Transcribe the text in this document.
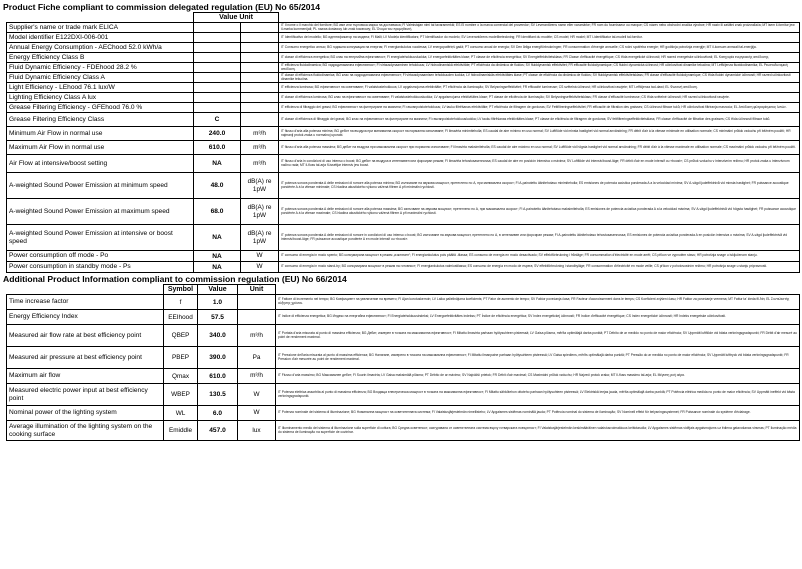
Product Fiche compliant to commission delegated regulation (EU) No 65/2014
	Value Unit		
Supplier's name or trade mark ELICA			IT Il nome o il marchio del fornitore; BG име или търговска марка на доставчика; FI Valmistajan nimi tai tavaramerkki; ES El nombre o la marca comercial del proveedor; SV Leverantörens namn eller varumärke; FR nom du fournisseur ou marque; CS název nebo obchodní značka výrobce; HR naziv ili zaštitni znak proizvođača; MT isem il-fornitur jew il-marka kummerċjali; PL nazwa dostawcy lub znak towarowy; EL Όνομα του προμηθευτή.
Model identifier E122DXI-006-001			IT Identificativo del modello; BG идентификатор на модела; FI Malli; LV Modeļa identifikators; PT Identificador do modelo; SV Leverantörens modellbeteckning; FR Identifiant du modèle; CS model; HR model; MT l-identifikatur tal-mudell tal-fornitur.
Annual Energy Consumption - AEChood 52.0 kWh/a			IT Consumo energetico annuo; BG годишна консумация на енергия; FI energiankulutus vuodessa; LV energopatēriņš gadā; PT consumo anual de energia; SV Den årliga energiförbrukningen; FR consommation d'énergie annuelle; CS roční spotřeba energie; HR godišnja potrošnja energije; MT il-konsum annwali tal-enerġija.
Energy Efficiency Class B			IT classe di efficienza energetica; BG клас на енергийна ефективност; FI energiatehokkuusluokka; LV energoefektivitātes klase; PT classe de eficiência energética; SV Energieffektivitetsklass; FR Classe d'efficacité énergétique; CS třída energetické účinnosti; HR razred energetske učinkovitosti; EL Κατηγορία ενεργειακής απόδοσης.
Fluid Dynamic Efficiency - FDEhood 28.2 %			IT efficienza fluidodinamica; BG хидродинамична ефективност; FI virtausdynaaminen tehokkuus; LV hidrodinamiskā efektivitāte; PT eficiência da dinâmica de fluidos; SV fluiddynamisk effektivitet; FR efficacité fluidodynamique; CS fluidní dynamická účinnost; HR učinkovitost dinamike tekućina; MT l-effiċjenza fluwidodinamika; EL Ρευστοδυναμική απόδοση.
Fluid Dynamic Efficiency Class A			IT classe di efficienza fluidodinamica; BG клас на хидродинамична ефективност; FI virtausdynaamisen tehokkuuden luokka; LV hidrodinamiskās efektivitātes klase; PT classe de eficiência da dinâmica de fluidos; SV fluiddynamisk effektivitetsklass; FR classe d'efficacité fluidodynamique; CS třída fluidní dynamické účinnosti; HR razred učinkovitosti dinamike tekućina.
Light Efficiency - LEhood 76.1 lux/W			IT efficienza luminosa; BG ефективност на осветяване; FI valaistustehokkuus; LV apgaismojuma efektivitāte; PT eficiência da iluminação; SV Belysningseffektivitet; FR efficacité lumineuse; CS světelná účinnost; HR učinkovitost rasvjete; MT l-effiċjenza tad-dawl; EL Φωτεινή απόδοση.
Lighting Efficiency Class A lux			IT classe di efficienza luminosa; BG клас на ефективност на осветяване; FI valaistustehokkuusluokka; LV apgaismojuma efektivitātes klase; PT classe de eficiência de iluminação; SV Belysningseffektivitetsklass; FR classe d'efficacité lumineuse; CS třída světelné účinnosti; HR razred učinkovitosti rasvjete.
Grease Filtering Efficiency - GFEhood 76.0 %			IT efficienza di filtraggio dei grassi; BG ефективност на филтриране на мазнини; FI rasvanpoistotehokkuus; LV tauku filtrēšanas efektivitāte; PT eficiência de filtragem de gorduras; SV Fettfiltreringseffektivitet; FR efficacité de filtration des graisses; CS účinnost filtrace tuků; HR učinkovitost filtriranja masnoća; EL Απόδοση φιλτραρίσματος λιπών.
Grease Filtering Efficiency Class	C		IT classe di efficienza di filtraggio dei grassi; BG клас на ефективност на филтриране на мазнини; FI rasvanpoistotehokkuusluokka; LV tauku filtrēšanas efektivitātes klase; PT classe de eficiência de filtragem de gorduras; SV fettfiltreringseffektivitetsklass; FR classe d'efficacité de filtration des graisses; CS třída účinnosti filtrace tuků.
Minimum Air Flow in normal use	240.0	m³/h	IT flusso d'aria alla potenza minima; BG дебит на въздуха при минимална скорост на нормална използване; FI ilmavirta minimiteholla; ES caudal de aire mínimo en uso normal; SV Luftflöde vid minsta hastighet vid normal användning; FR débit d'air à la vitesse minimale en utilisation normale; CS minimální průtok vzduchu při běžném použití; HR najmanji protok zraka u normalnoj uporabi.
Maximum Air Flow in normal use	610.0	m³/h	IT flusso d'aria alla potenza massima; BG дебит на въздуха при максимална скорост при нормално използване; FI ilmavirta maksimiteholla; ES caudal de aire máximo en uso normal; SV Luftflöde vid högsta hastighet vid normal användning; FR débit d'air à la vitesse maximale en utilisation normale; CS maximální průtok vzduchu při běžném použití.
Air Flow at intensive/boost setting	NA	m³/h	IT flusso d'aria in condizioni di uso intenso o boost; BG дебит на въздуха в интензивен или форсиран режим; FI ilmavirta tehostusasennossa; ES caudal de aire en posición intensiva o máxima; SV Luftflöde vid intensiv/boost-läge; FR débit d'air en mode intensif ou «boost»; CS průtok vzduchu v intenzivním režimu; HR protok zraka u intenzivnom načinu rada; MT il-fluss tal-arja fl-issettjar intensiv jew boost.
A-weighted Sound Power Emission at minimum speed	48.0	dB(A) re 1pW	IT potenza sonora ponderata A delle emissioni di rumore alla potenza minima; BG излъчване на звукова мощност, претеглено по А, при минимална скорост; FI A-painotettu äänitehotaso minimiteholla; ES emisiones de potencia acústica ponderada A a la velocidad mínima; SV A-vägd ljudeffektnivå vid minsta hastighet; FR puissance acoustique pondérée A à la vitesse minimale; CS hladina akustického výkonu vážená filtrem A při minimální rychlosti.
A-weighted Sound Power Emission at maximum speed	68.0	dB(A) re 1pW	IT potenza sonora ponderata A delle emissioni di rumore alla potenza massima; BG излъчване на звукова мощност, претеглено по А, при максимална скорост; FI A-painotettu äänitehotaso maksimiteholla; ES emisiones de potencia acústica ponderada A a la velocidad máxima; SV A-vägd ljudeffektnivå vid högsta hastighet; FR puissance acoustique pondérée A à la vitesse maximale; CS hladina akustického výkonu vážená filtrem A při maximální rychlosti.
A-weighted Sound Power Emission at intensive or boost speed	NA	dB(A) re 1pW	IT potenza sonora ponderata A delle emissioni di rumore in condizioni di uso intenso o boost; BG излъчване на звукова мощност, претеглено по А, в интензивен или форсиран режим; FI A-painotettu äänitehotaso tehostusasennossa; ES emisiones de potencia acústica ponderada A en posición intensiva o máxima; SV A-vägd ljudeffektnivå vid intensiv/boost-läge; FR puissance acoustique pondérée A en mode intensif ou «boost».
Power consumption off mode - Po	NA	W	IT consumo di energia in modo spento; BG консумирана мощност в режим „изключен“; FI energiankulutus pois päältä -tilassa; ES consumo de energía en modo desactivado; SV effektförbrukning i frånläge; FR consommation d'électricité en mode arrêt; CS příkon ve vypnutém stavu; HR potrošnja snage u isključenom stanju.
Power consumption in standby mode - Ps	NA	W	IT consumo di energia in modo stand-by; BG консумирана мощност в режим на готовност; FI energiankulutus valmiustilassa; ES consumo de energía en modo de espera; SV effektförbrukning i standbyläge; FR consommation d'électricité en mode veille; CS příkon v pohotovostním režimu; HR potrošnja snage u stanju pripravnosti.
Additional Product Information compliant to commission regulation (EU) No 66/2014
	Symbol	Value	Unit	
Time increase factor	f	1.0		IT Fattore di incremento nel tempo; BG Коефициент на увеличение на времето; FI Ajan korotuskerroin; LV Laika palielinājuma koeficients; PT Fator de aumento de tempo; SV Faktor povećanja časa; FR Facteur d'accroissement dans le temps; CS Koeficient zvýšení času; HR Faktor za povećanje vremena; MT Fattur ta' żieda fil-ħin; EL Συντελεστής αύξησης χρόνου.
Energy Efficiency Index	EEIhood	57.5		IT Indice di efficienza energetica; BG Индекс на енергийна ефективност; FI Energiatehokkuusindeksi; LV Energoefektivitātes indekss; PT Índice de eficiência energética; SV Index energetickej účinnosti; FR Indice d'efficacité énergétique; CS Index energetické účinnosti; HR Indeks energetske učinkovitosti.
Measured air flow rate at best efficiency point	QBEP	340.0	m³/h	IT Portata d'aria misurata al punto di massima efficienza; BG Дебит, измерен в точката на максимална ефективност; FI Mitattu ilmavirta parhaan hyötysuhteen pisteessä; LV Gaisa plūsma, mērīta optimālajā darba punktā; PT Débito de ar medido no ponto de maior eficiência; SV Uppmätt luftflöde vid bästa verkningsgradspunkt; FR Débit d'air mesuré au point de rendement maximal.
Measured air pressure at best efficiency point	PBEP	390.0	Pa	IT Pressione dell'aria misurata al punto di massima efficienza; BG Налягане, измерено в точката на максимална ефективност; FI Mitattu ilmanpaine parhaan hyötysuhteen pisteessä; LV Gaisa spiediens, mērīts optimālajā darba punktā; PT Pressão do ar medida no ponto de maior eficiência; SV Uppmätt lufttryck vid bästa verkningsgradspunkt; FR Pression d'air mesurée au point de rendement maximal.
Maximum air flow	Qmax	610.0	m³/h	IT Flusso d'aria massimo; BG Максимален дебит; FI Suurin ilmavirta; LV Gaisa maksimālā plūsma; PT Débito de ar máximo; SV Najväčší prietok; FR Débit d'air maximal; CS Maximální průtok vzduchu; HR Najveći protok zraka; MT Il-fluss massimu tal-arja; EL Μέγιστη ροή αέρα.
Measured electric power input at best efficiency point	WBEP	130.5	W	IT Potenza elettrica assorbita al punto di massima efficienza; BG Входяща електрическа мощност в точката на максимална ефективност; FI Mitattu sähkötehon ottoteho parhaan hyötysuhteen pisteessä; LV Elektriskā ieejas jauda, mērīta optimālajā darba punktā; PT Potência elétrica medida no ponto de maior eficiência; SV Uppmätt ineffekt vid bästa verkningsgradspunkt.
Nominal power of the lighting system	WL	6.0	W	IT Potenza nominale del sistema di illuminazione; BG Номинална мощност на осветителната система; FI Valaistusjärjestelmän nimellisteho; LV Apgaismes sistēmas nominālā jauda; PT Potência nominal do sistema de iluminação; SV Nominell effekt för belysningssystemet; FR Puissance nominale du système d'éclairage.
Average illumination of the lighting system on the cooking surface	Emiddle	457.0	lux	IT Illuminamento medio del sistema di illuminazione sulla superficie di cottura; BG Средна осветеност, осигурявана от осветителната система върху готварската повърхност; FI Valaistusjärjestelmän keskimääräinen valaistusvoimakkuus keittotasolla; LV Apgaismes sistēmas vidējais apgaismojums uz ēdiena gatavošanas virsmas; PT Iluminação média do sistema de iluminação na superfície de cozinhar.
